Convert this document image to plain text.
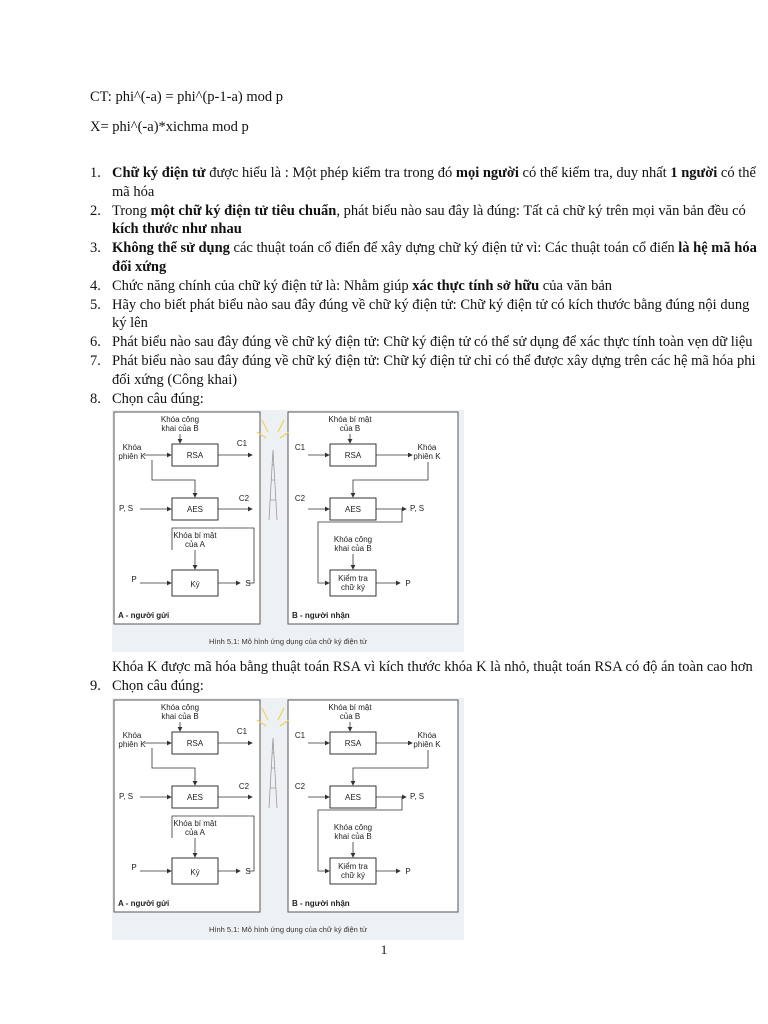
CT: phi^(-a) = phi^(p-1-a) mod p
X= phi^(-a)*xichma mod p
1. Chữ ký điện tử được hiểu là : Một phép kiểm tra trong đó mọi người có thể kiểm tra, duy nhất 1 người có thể mã hóa
2. Trong một chữ ký điện tử tiêu chuẩn, phát biểu nào sau đây là đúng: Tất cả chữ ký trên mọi văn bản đều có kích thước như nhau
3. Không thể sử dụng các thuật toán cổ điển để xây dựng chữ ký điện tử vì: Các thuật toán cổ điển là hệ mã hóa đối xứng
4. Chức năng chính của chữ ký điện tử là: Nhằm giúp xác thực tính sở hữu của văn bản
5. Hãy cho biết phát biểu nào sau đây đúng về chữ ký điện tử: Chữ ký điện tử có kích thước bằng đúng nội dung ký lên
6. Phát biểu nào sau đây đúng về chữ ký điện tử: Chữ ký điện tử có thể sử dụng để xác thực tính toàn vẹn dữ liệu
7. Phát biểu nào sau đây đúng về chữ ký điện tử: Chữ ký điện tử chỉ có thể được xây dựng trên các hệ mã hóa phi đối xứng (Công khai)
8. Chọn câu đúng:
Khóa công
khai của B
Khóa
phiên K	RSA
C1
C2
P, S	AES
Khóa bí mật
của A
P
Ký	S
A - người gửi
Khóa bí mật
của B
C1
RSA
Khóa
phiên K
C2
AES	P, S
Khóa công
khai của B
Kiểm tra
chữ ký	P
B - người nhận
Hình 5.1: Mô hình ứng dụng của chữ ký điện tử
Khóa K được mã hóa bằng thuật toán RSA vì kích thước khóa K là nhỏ, thuật toán RSA có độ án toàn cao hơn
9. Chọn câu đúng:
Khóa công
khai của B
Khóa
phiên K	RSA
C1
C2
P, S	AES
Khóa bí mật
của A
P
Ký	S
A - người gửi
Khóa bí mật
của B
C1
RSA
Khóa
phiên K
C2
AES	P, S
Khóa công
khai của B
Kiểm tra
chữ ký	P
B - người nhận
Hình 5.1: Mô hình ứng dụng của chữ ký điện tử
1
